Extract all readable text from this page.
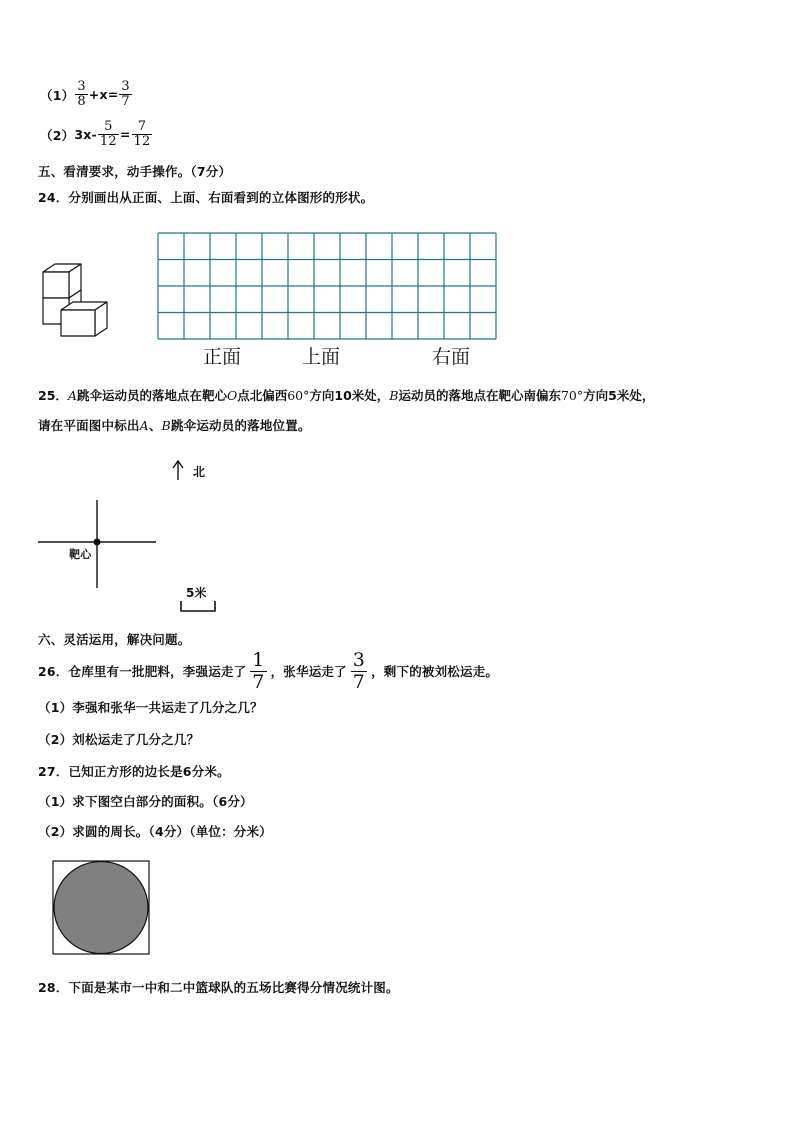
$(1) \frac{3}{8} +x= \frac{3}{7}$
（2） $3x- \frac{5}{12} = \frac{7}{12}$
五、看清要求，动手操作。（7分）
24．分别画出从正面、上面、右面看到的立体图形的形状。
正面	上面	右面
25．A跳伞运动员的落地点在靶心O点北偏西60°方向10米处，B运动员的落地点在靶心南偏东70°方向5米处，
请在平面图中标出A、B跳伞运动员的落地位置。
北
靶心
5米
六、灵活运用，解决问题。
26．仓库里有一批肥料，李强运走了 $\frac{1}{7}$ ，张华运走了 $\frac{3}{7}$ ，剩下的被刘松运走。
（1）李强和张华一共运走了几分之几？
（2）刘松运走了几分之几？
27．已知正方形的边长是6分米。
（1）求下图空白部分的面积。（6分）
（2）求圆的周长。（4分）（单位：分米）
28．下面是某市一中和二中篮球队的五场比赛得分情况统计图。
